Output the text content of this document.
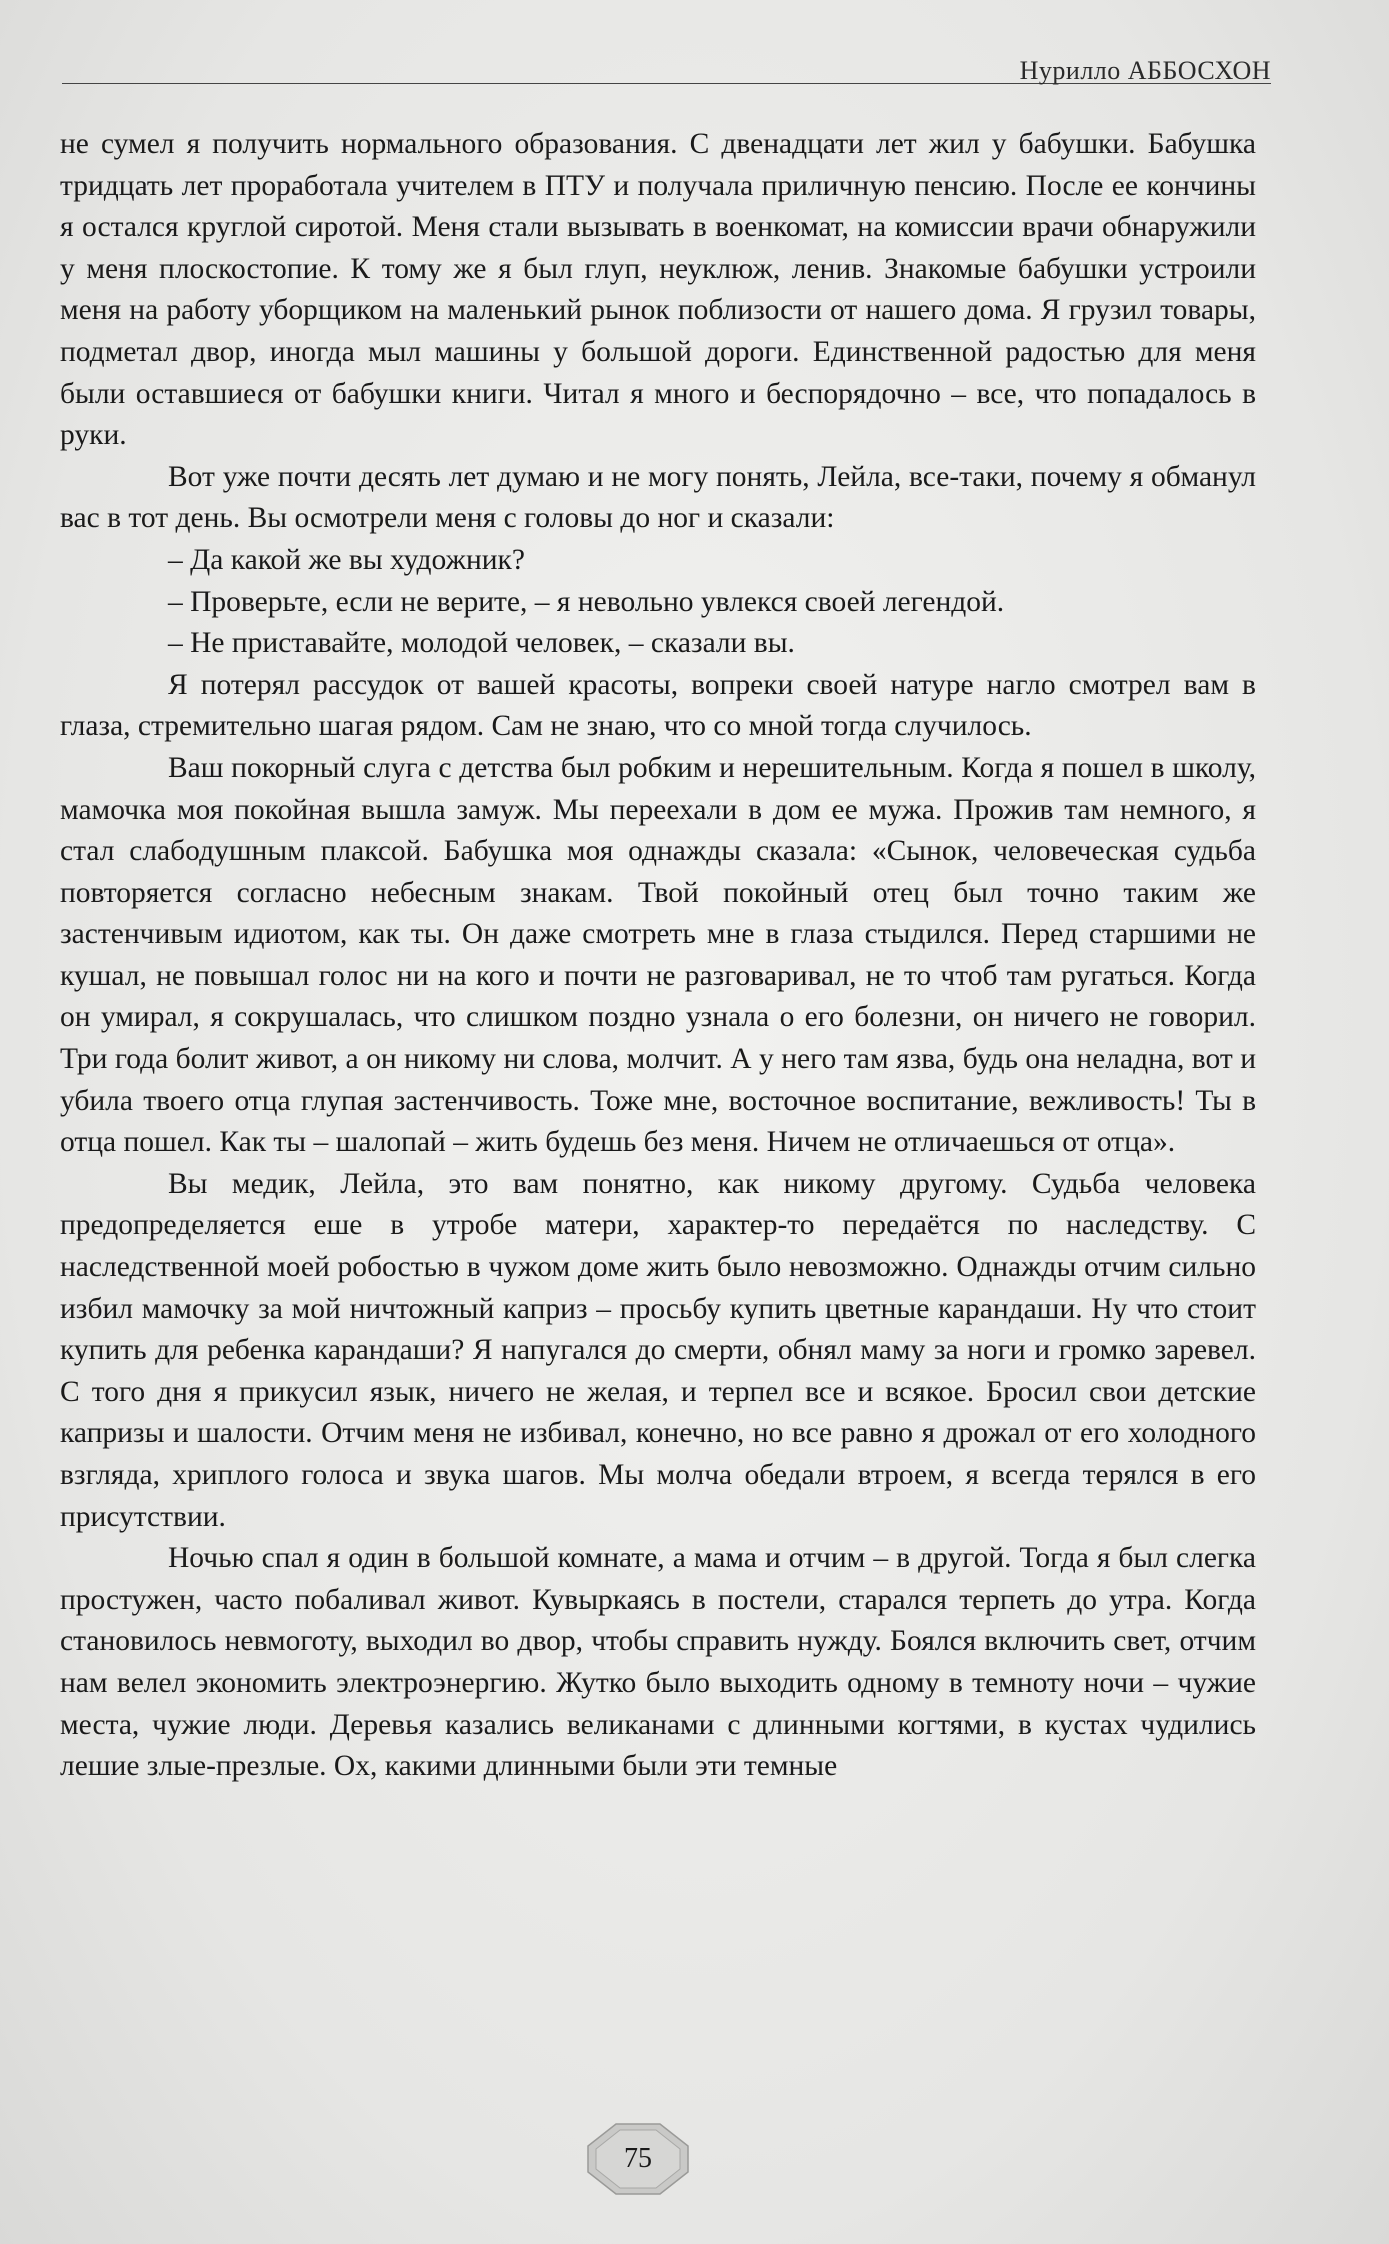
Нурилло АББОСХОН

не сумел я получить нормального образования. С двенадцати лет жил у бабушки. Бабушка тридцать лет проработала учителем в ПТУ и получала приличную пенсию. После ее кончины я остался круглой сиротой. Меня стали вызывать в военкомат, на комиссии врачи обнаружили у меня плоскостопие. К тому же я был глуп, неуклюж, ленив. Знакомые бабушки устроили меня на работу уборщиком на маленький рынок поблизости от нашего дома. Я грузил товары, подметал двор, иногда мыл машины у большой дороги. Единственной радостью для меня были оставшиеся от бабушки книги. Читал я много и беспорядочно – все, что попадалось в руки.

Вот уже почти десять лет думаю и не могу понять, Лейла, все-таки, почему я обманул вас в тот день. Вы осмотрели меня с головы до ног и сказали:

– Да какой же вы художник?

– Проверьте, если не верите, – я невольно увлекся своей легендой.

– Не приставайте, молодой человек, – сказали вы.

Я потерял рассудок от вашей красоты, вопреки своей натуре нагло смотрел вам в глаза, стремительно шагая рядом. Сам не знаю, что со мной тогда случилось.

Ваш покорный слуга с детства был робким и нерешительным. Когда я пошел в школу, мамочка моя покойная вышла замуж. Мы переехали в дом ее мужа. Прожив там немного, я стал слабодушным плаксой. Бабушка моя однажды сказала: «Сынок, человеческая судьба повторяется согласно небесным знакам. Твой покойный отец был точно таким же застенчивым идиотом, как ты. Он даже смотреть мне в глаза стыдился. Перед старшими не кушал, не повышал голос ни на кого и почти не разговаривал, не то чтоб там ругаться. Когда он умирал, я сокрушалась, что слишком поздно узнала о его болезни, он ничего не говорил. Три года болит живот, а он никому ни слова, молчит. А у него там язва, будь она неладна, вот и убила твоего отца глупая застенчивость. Тоже мне, восточное воспитание, вежливость! Ты в отца пошел. Как ты – шалопай – жить будешь без меня. Ничем не отличаешься от отца».

Вы медик, Лейла, это вам понятно, как никому другому. Судьба человека предопределяется еше в утробе матери, характер-то передаётся по наследству. С наследственной моей робостью в чужом доме жить было невозможно. Однажды отчим сильно избил мамочку за мой ничтожный каприз – просьбу купить цветные карандаши. Ну что стоит купить для ребенка карандаши? Я напугался до смерти, обнял маму за ноги и громко заревел. С того дня я прикусил язык, ничего не желая, и терпел все и всякое. Бросил свои детские капризы и шалости. Отчим меня не избивал, конечно, но все равно я дрожал от его холодного взгляда, хриплого голоса и звука шагов. Мы молча обедали втроем, я всегда терялся в его присутствии.

Ночью спал я один в большой комнате, а мама и отчим – в другой. Тогда я был слегка простужен, часто побаливал живот. Кувыркаясь в постели, старался терпеть до утра. Когда становилось невмоготу, выходил во двор, чтобы справить нужду. Боялся включить свет, отчим нам велел экономить электроэнергию. Жутко было выходить одному в темноту ночи – чужие места, чужие люди. Деревья казались великанами с длинными когтями, в кустах чудились лешие злые-презлые. Ох, какими длинными были эти темные

75
